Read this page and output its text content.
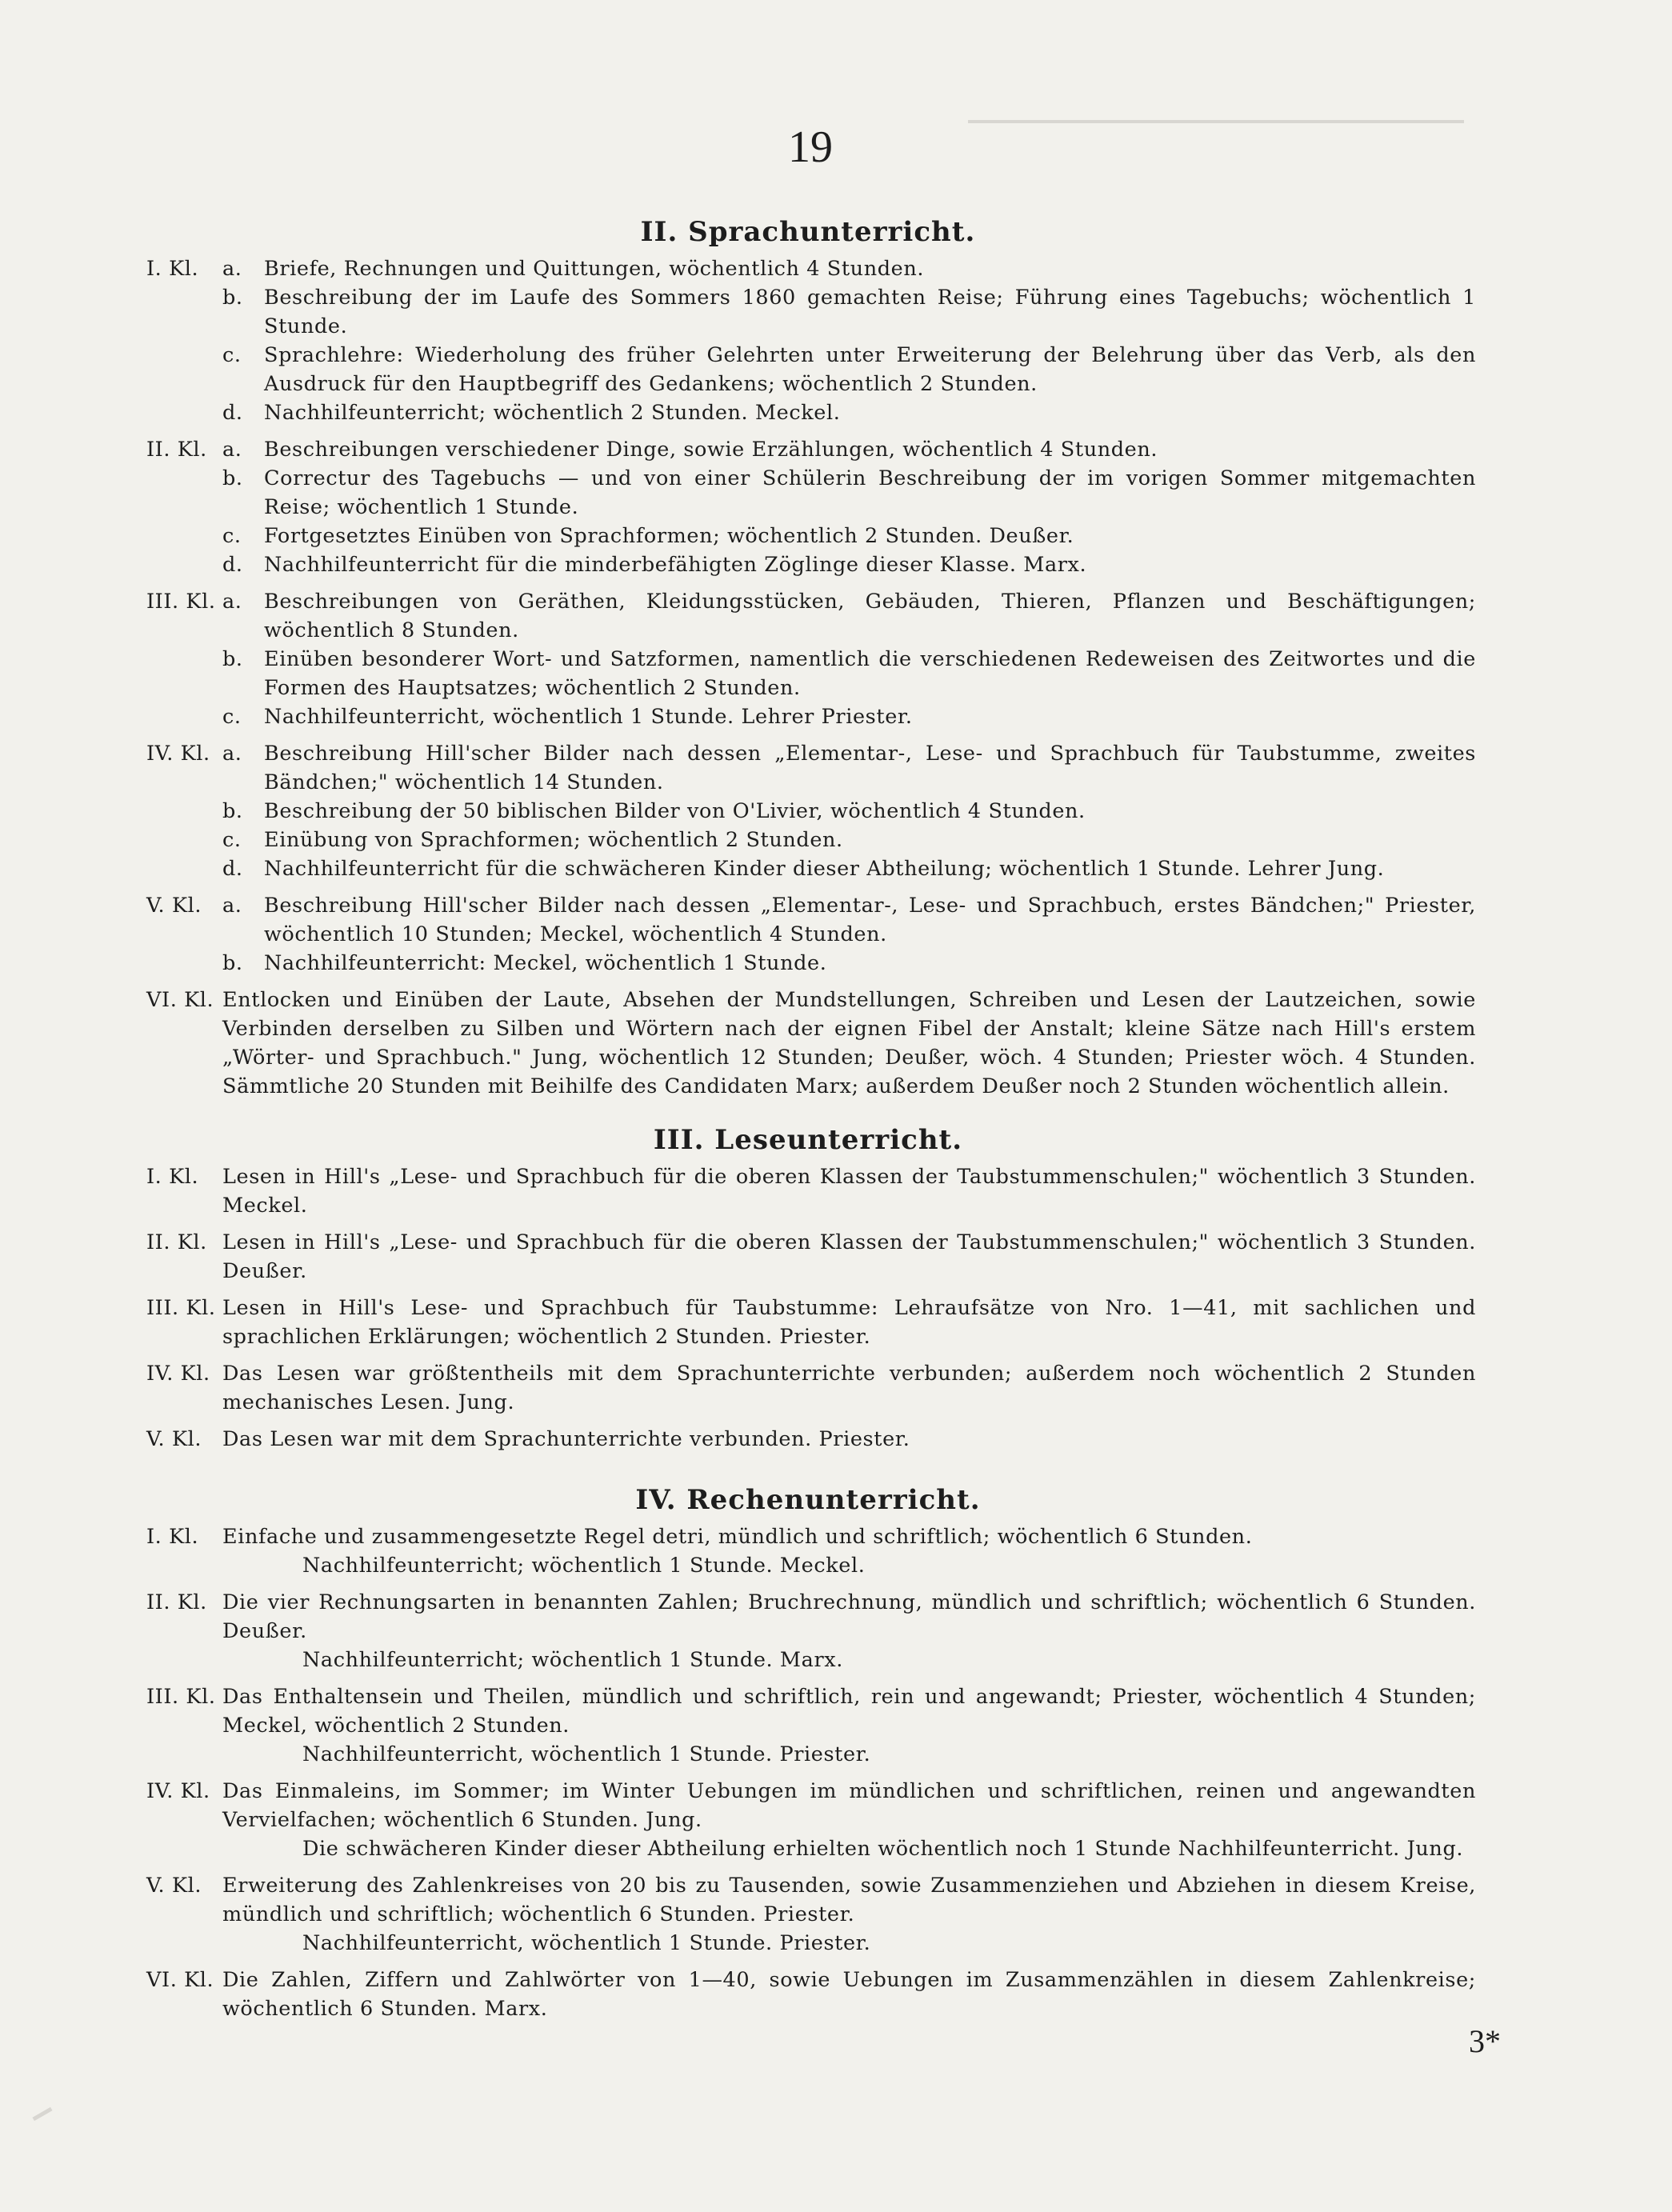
19
II. Sprachunterricht.
I. Kl.	a.	Briefe, Rechnungen und Quittungen, wöchentlich 4 Stunden.
b.	Beschreibung der im Laufe des Sommers 1860 gemachten Reise; Führung eines Tagebuchs; wöchentlich 1 Stunde.
c.	Sprachlehre: Wiederholung des früher Gelehrten unter Erweiterung der Belehrung über das Verb, als den Ausdruck für den Hauptbegriff des Gedankens; wöchentlich 2 Stunden.
d.	Nachhilfeunterricht; wöchentlich 2 Stunden. Meckel.
II. Kl. a.	Beschreibungen verschiedener Dinge, sowie Erzählungen, wöchentlich 4 Stunden.
b.	Correctur des Tagebuchs — und von einer Schülerin Beschreibung der im vorigen Sommer mitgemachten Reise; wöchentlich 1 Stunde.
c.	Fortgesetztes Einüben von Sprachformen; wöchentlich 2 Stunden. Deußer.
d.	Nachhilfeunterricht für die minderbefähigten Zöglinge dieser Klasse. Marx.
III. Kl. a.	Beschreibungen von Geräthen, Kleidungsstücken, Gebäuden, Thieren, Pflanzen und Beschäftigungen; wöchentlich 8 Stunden.
b.	Einüben besonderer Wort- und Satzformen, namentlich die verschiedenen Redeweisen des Zeitwortes und die Formen des Hauptsatzes; wöchentlich 2 Stunden.
c.	Nachhilfeunterricht, wöchentlich 1 Stunde. Lehrer Priester.
IV. Kl. a.	Beschreibung Hill'scher Bilder nach dessen „Elementar-, Lese- und Sprachbuch für Taubstumme, zweites Bändchen;" wöchentlich 14 Stunden.
b.	Beschreibung der 50 biblischen Bilder von O'Livier, wöchentlich 4 Stunden.
c.	Einübung von Sprachformen; wöchentlich 2 Stunden.
d.	Nachhilfeunterricht für die schwächeren Kinder dieser Abtheilung; wöchentlich 1 Stunde. Lehrer Jung.
V. Kl.	a.	Beschreibung Hill'scher Bilder nach dessen „Elementar-, Lese- und Sprachbuch, erstes Bändchen;" Priester, wöchentlich 10 Stunden; Meckel, wöchentlich 4 Stunden.
b.	Nachhilfeunterricht: Meckel, wöchentlich 1 Stunde.
VI. Kl. Entlocken und Einüben der Laute, Absehen der Mundstellungen, Schreiben und Lesen der Lautzeichen, sowie Verbinden derselben zu Silben und Wörtern nach der eignen Fibel der Anstalt; kleine Sätze nach Hill's erstem „Wörter- und Sprachbuch." Jung, wöchentlich 12 Stunden; Deußer, wöch. 4 Stunden; Priester wöch. 4 Stunden. Sämmtliche 20 Stunden mit Beihilfe des Candidaten Marx; außerdem Deußer noch 2 Stunden wöchentlich allein.
III. Leseunterricht.
I. Kl.	Lesen in Hill's „Lese- und Sprachbuch für die oberen Klassen der Taubstummenschulen;" wöchentlich 3 Stunden. Meckel.
II. Kl. Lesen in Hill's „Lese- und Sprachbuch für die oberen Klassen der Taubstummenschulen;" wöchentlich 3 Stunden. Deußer.
III. Kl. Lesen in Hill's Lese- und Sprachbuch für Taubstumme: Lehraufsätze von Nro. 1—41, mit sachlichen und sprachlichen Erklärungen; wöchentlich 2 Stunden. Priester.
IV. Kl. Das Lesen war größtentheils mit dem Sprachunterrichte verbunden; außerdem noch wöchentlich 2 Stunden mechanisches Lesen. Jung.
V. Kl.	Das Lesen war mit dem Sprachunterrichte verbunden. Priester.
IV. Rechenunterricht.
I. Kl.	Einfache und zusammengesetzte Regel detri, mündlich und schriftlich; wöchentlich 6 Stunden.
Nachhilfeunterricht; wöchentlich 1 Stunde. Meckel.
II. Kl. Die vier Rechnungsarten in benannten Zahlen; Bruchrechnung, mündlich und schriftlich; wöchentlich 6 Stunden. Deußer.
Nachhilfeunterricht; wöchentlich 1 Stunde. Marx.
III. Kl. Das Enthaltensein und Theilen, mündlich und schriftlich, rein und angewandt; Priester, wöchentlich 4 Stunden; Meckel, wöchentlich 2 Stunden.
Nachhilfeunterricht, wöchentlich 1 Stunde. Priester.
IV. Kl. Das Einmaleins, im Sommer; im Winter Uebungen im mündlichen und schriftlichen, reinen und angewandten Vervielfachen; wöchentlich 6 Stunden. Jung.
Die schwächeren Kinder dieser Abtheilung erhielten wöchentlich noch 1 Stunde Nachhilfeunterricht. Jung.
V. Kl.	Erweiterung des Zahlenkreises von 20 bis zu Tausenden, sowie Zusammenziehen und Abziehen in diesem Kreise, mündlich und schriftlich; wöchentlich 6 Stunden. Priester.
Nachhilfeunterricht, wöchentlich 1 Stunde. Priester.
VI. Kl. Die Zahlen, Ziffern und Zahlwörter von 1—40, sowie Uebungen im Zusammenzählen in diesem Zahlenkreise; wöchentlich 6 Stunden. Marx.
3*
